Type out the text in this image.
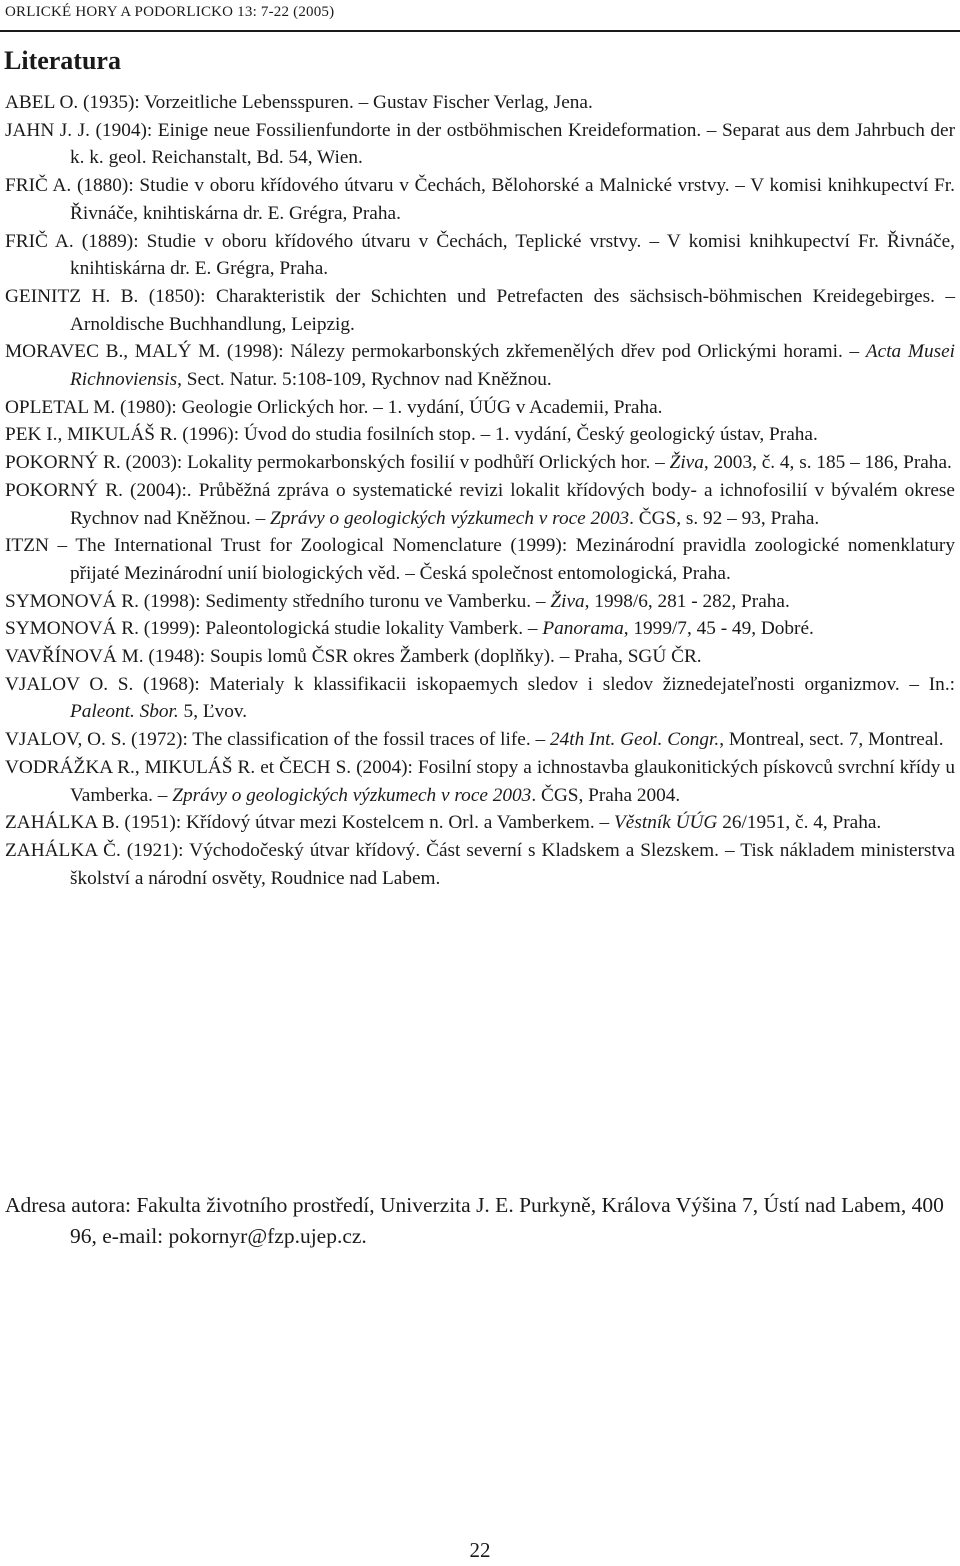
ORLICKÉ HORY A PODORLICKO 13: 7-22 (2005)
Literatura

ABEL O. (1935): Vorzeitliche Lebensspuren. – Gustav Fischer Verlag, Jena.

JAHN J. J. (1904): Einige neue Fossilienfundorte in der ostböhmischen Kreideformation. – Separat aus dem Jahrbuch der k. k. geol. Reichanstalt, Bd. 54, Wien.

FRIČ A. (1880): Studie v oboru křídového útvaru v Čechách, Bělohorské a Malnické vrstvy. – V komisi knihkupectví Fr. Řivnáče, knihtiskárna dr. E. Grégra, Praha.

FRIČ A. (1889): Studie v oboru křídového útvaru v Čechách, Teplické vrstvy. – V komisi knihkupectví Fr. Řivnáče, knihtiskárna dr. E. Grégra, Praha.

GEINITZ H. B. (1850): Charakteristik der Schichten und Petrefacten des sächsisch-böhmischen Kreidegebirges. – Arnoldische Buchhandlung, Leipzig.

MORAVEC B., MALÝ M. (1998): Nálezy permokarbonských zkřemenělých dřev pod Orlickými horami. – Acta Musei Richnoviensis, Sect. Natur. 5:108-109, Rychnov nad Kněžnou.

OPLETAL M. (1980): Geologie Orlických hor. – 1. vydání, ÚÚG v Academii, Praha.

PEK I., MIKULÁŠ R. (1996): Úvod do studia fosilních stop. – 1. vydání, Český geologický ústav, Praha.

POKORNÝ R. (2003): Lokality permokarbonských fosilií v podhůří Orlických hor. – Živa, 2003, č. 4, s. 185 – 186, Praha.

POKORNÝ R. (2004):. Průběžná zpráva o systematické revizi lokalit křídových body- a ichnofosilií v bývalém okrese Rychnov nad Kněžnou. – Zprávy o geologických výzkumech v roce 2003. ČGS, s. 92 – 93, Praha.

ITZN – The International Trust for Zoological Nomenclature (1999): Mezinárodní pravidla zoologické nomenklatury přijaté Mezinárodní unií biologických věd. – Česká společnost entomologická, Praha.

SYMONOVÁ R. (1998): Sedimenty středního turonu ve Vamberku. – Živa, 1998/6, 281 - 282, Praha.

SYMONOVÁ R. (1999): Paleontologická studie lokality Vamberk. – Panorama, 1999/7, 45 - 49, Dobré.

VAVŘÍNOVÁ M. (1948): Soupis lomů ČSR okres Žamberk (doplňky). – Praha, SGÚ ČR.

VJALOV O. S. (1968): Materialy k klassifikacii iskopaemych sledov i sledov žiznedejateľnosti organizmov. – In.: Paleont. Sbor. 5, Ľvov.

VJALOV, O. S. (1972): The classification of the fossil traces of life. – 24th Int. Geol. Congr., Montreal, sect. 7, Montreal.

VODRÁŽKA R., MIKULÁŠ R. et ČECH S. (2004): Fosilní stopy a ichnostavba glaukonitických pískovců svrchní křídy u Vamberka. – Zprávy o geologických výzkumech v roce 2003. ČGS, Praha 2004.

ZAHÁLKA B. (1951): Křídový útvar mezi Kostelcem n. Orl. a Vamberkem. – Věstník ÚÚG 26/1951, č. 4, Praha.

ZAHÁLKA Č. (1921): Východočeský útvar křídový. Část severní s Kladskem a Slezskem. – Tisk nákladem ministerstva školství a národní osvěty, Roudnice nad Labem.

Adresa autora: Fakulta životního prostředí, Univerzita J. E. Purkyně, Králova Výšina 7, Ústí nad Labem, 400 96, e-mail: pokornyr@fzp.ujep.cz.

22
